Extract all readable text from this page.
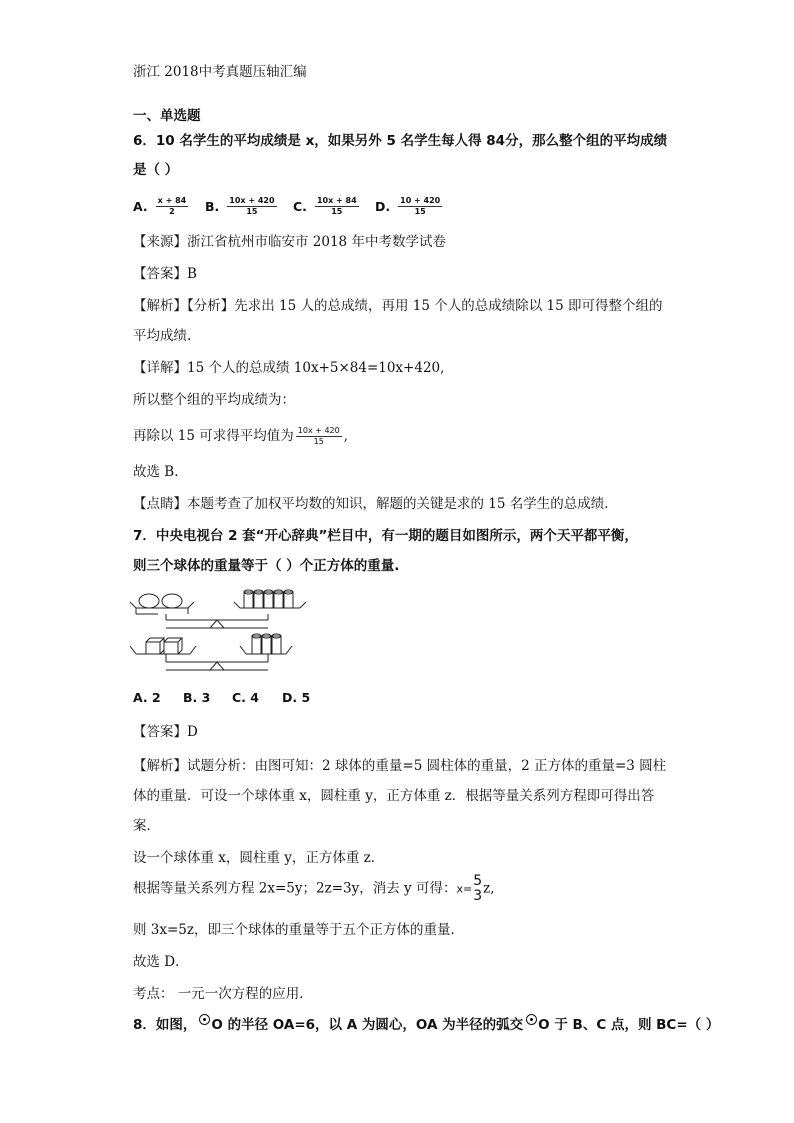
浙江 2018中考真题压轴汇编
一、单选题
6．10 名学生的平均成绩是 x，如果另外 5 名学生每人得 84分，那么整个组的平均成绩
是（ ）
A. $\frac{x + 84}{2} B$. $\frac{10x + 420}{15} C$. $\frac{10x + 84}{15} D$. $\frac{10 + 420}{15}$
【来源】浙江省杭州市临安市 2018 年中考数学试卷
【答案】B
【解析】【分析】先求出 15 人的总成绩，再用 15 个人的总成绩除以 15 即可得整个组的
平均成绩.
【详解】15 个人的总成绩 10x+5×84=10x+420,
所以整个组的平均成绩为：
再除以 15 可求得平均值为 $\frac{10x + 420}{15}$ ,
故选 B.
【点睛】本题考查了加权平均数的知识，解题的关键是求的 15 名学生的总成绩.
7．中央电视台 2 套“开心辞典”栏目中，有一期的题目如图所示，两个天平都平衡，
则三个球体的重量等于（ ）个正方体的重量.
A. 2 B. 3 C. 4 D. 5
【答案】D
【解析】试题分析：由图可知：2 球体的重量=5 圆柱体的重量，2 正方体的重量=3 圆柱
体的重量．可设一个球体重 x，圆柱重 y，正方体重 z．根据等量关系列方程即可得出答
案．
设一个球体重 x，圆柱重 y，正方体重 z．
根据等量关系列方程 2x=5y；2z=3y，消去 y 可得：x= 5
3 z,
则 3x=5z，即三个球体的重量等于五个正方体的重量．
故选 D．
考点： 一元一次方程的应用．
8．如图， O 的半径 OA=6，以 A 为圆心，OA 为半径的弧交 O 于 B、C 点，则 BC=（ ）
